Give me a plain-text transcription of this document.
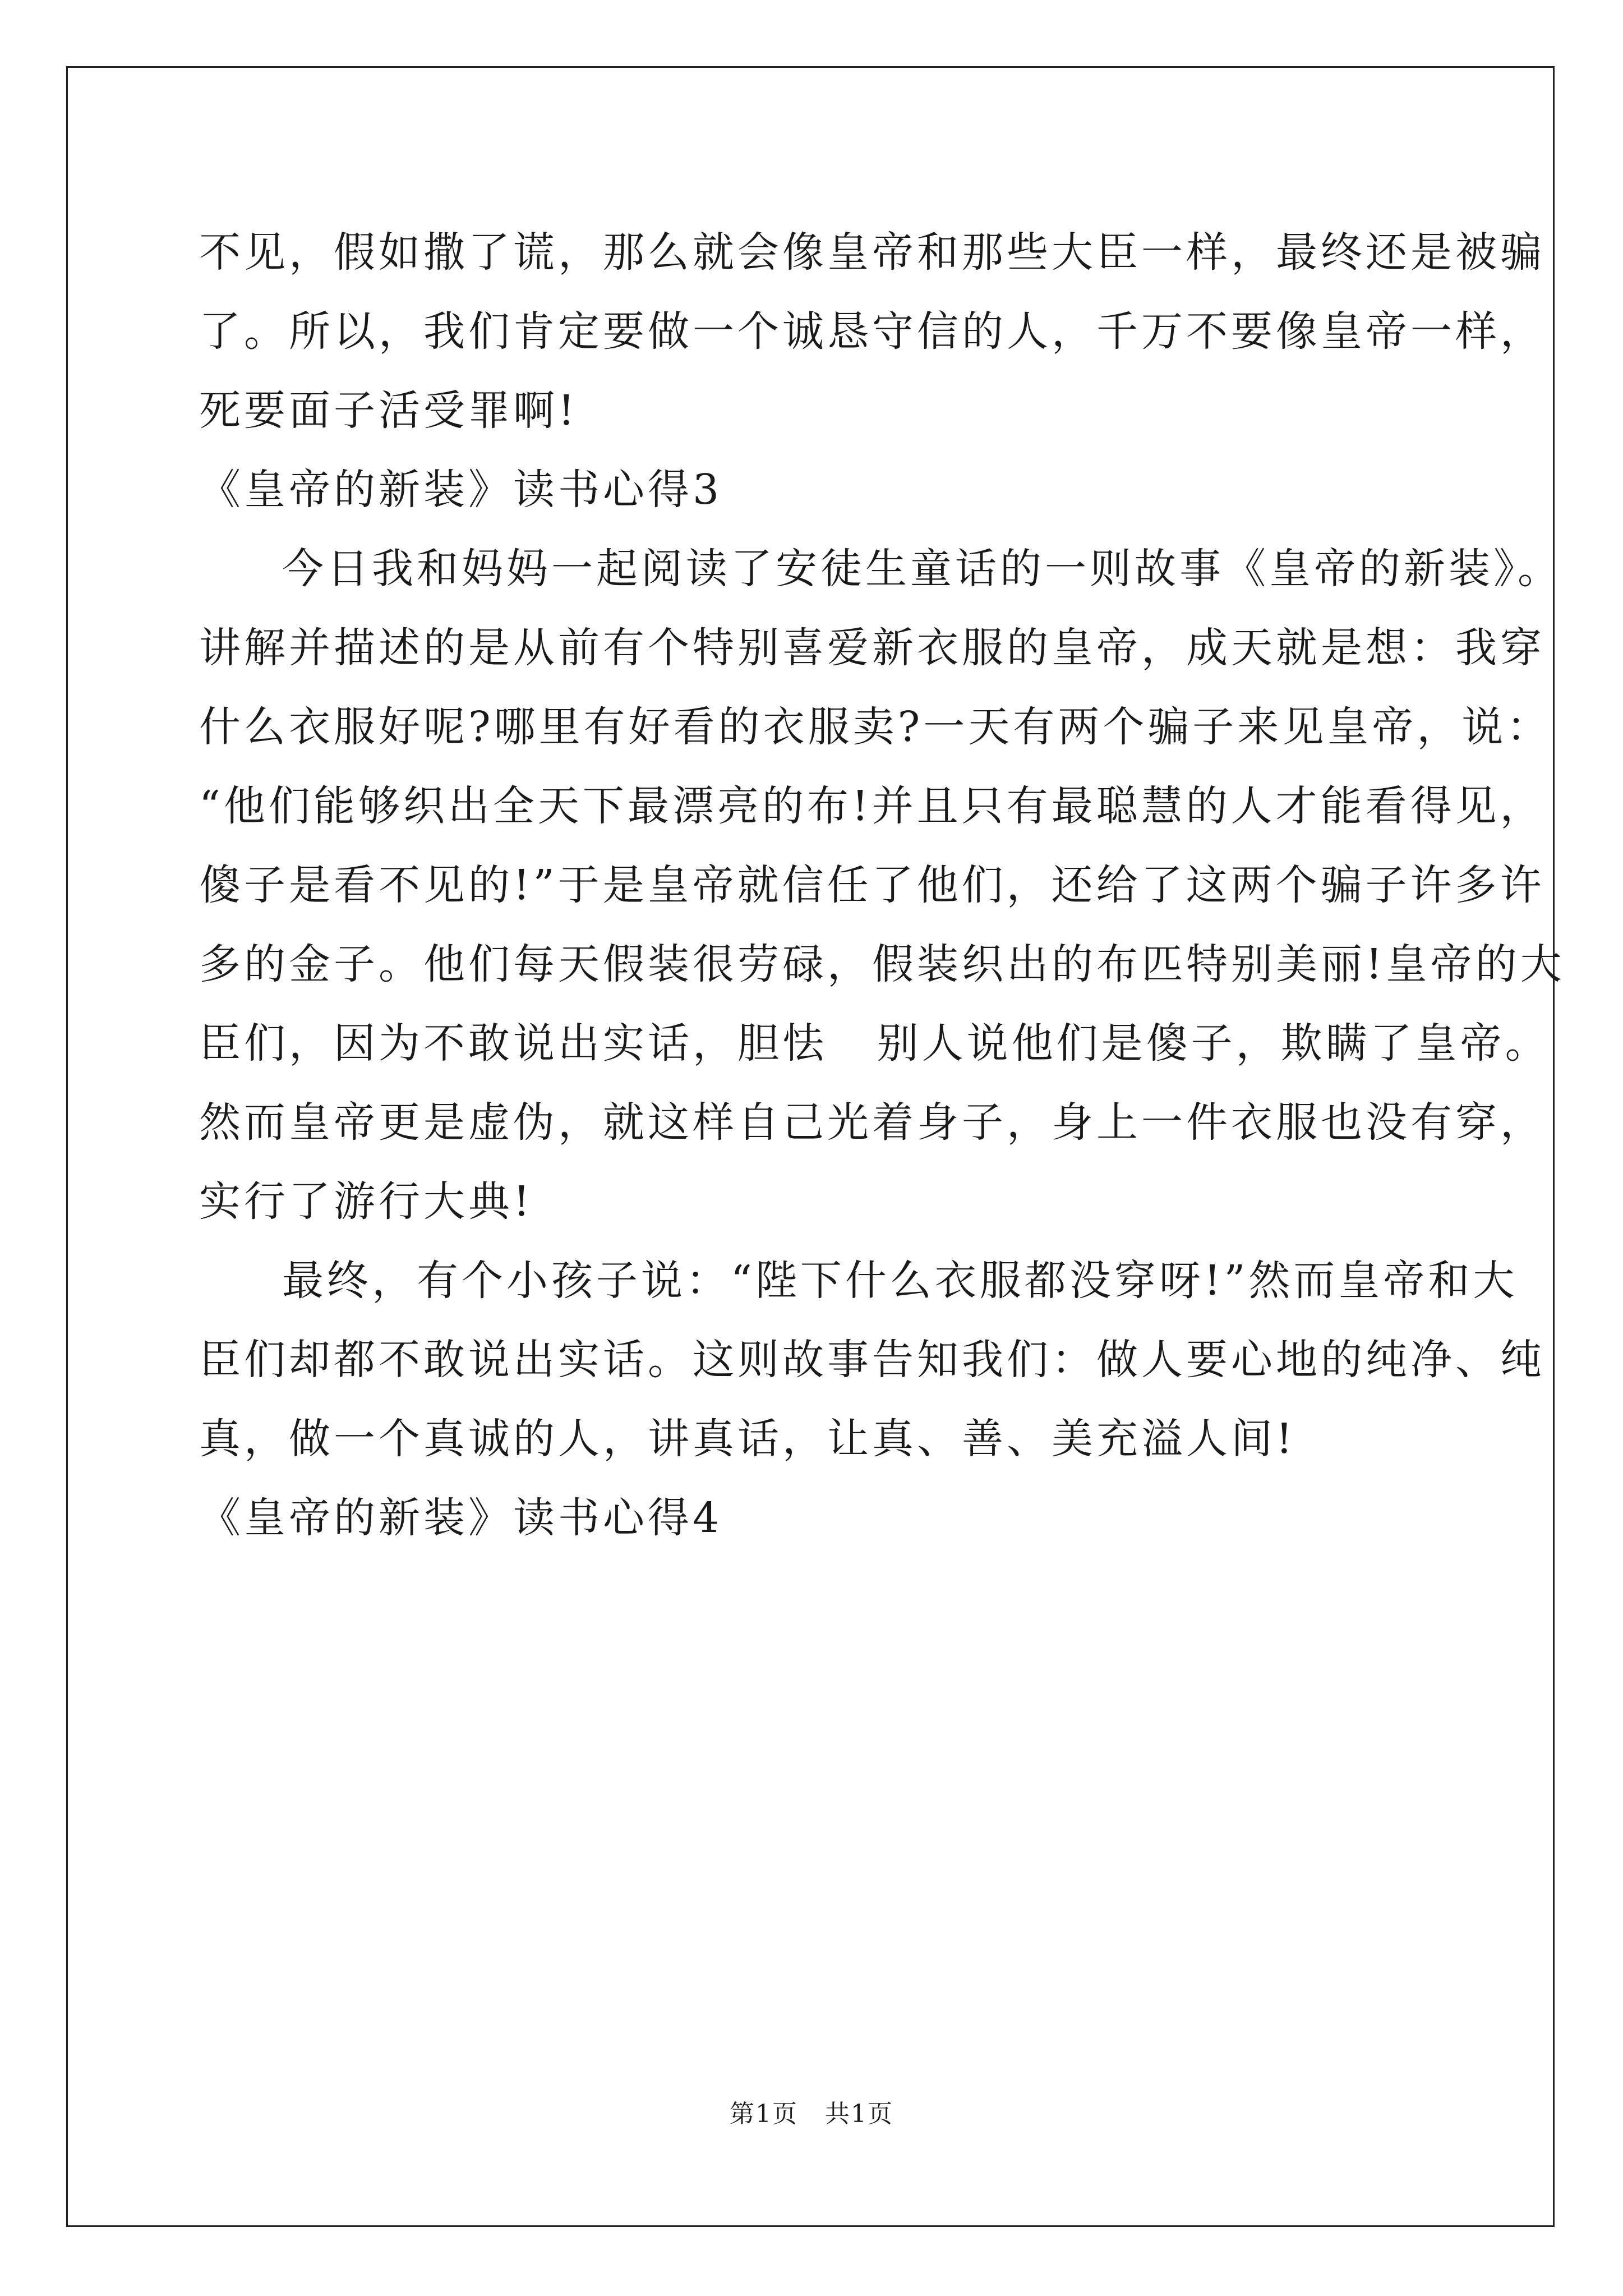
不见，假如撒了谎，那么就会像皇帝和那些大臣一样，最终还是被骗
了。所以，我们肯定要做一个诚恳守信的人，千万不要像皇帝一样，
死要面子活受罪啊!
《皇帝的新装》读书心得3
今日我和妈妈一起阅读了安徒生童话的一则故事《皇帝的新装》。
讲解并描述的是从前有个特别喜爱新衣服的皇帝，成天就是想：我穿
什么衣服好呢?哪里有好看的衣服卖?一天有两个骗子来见皇帝，说：
“他们能够织出全天下最漂亮的布!并且只有最聪慧的人才能看得见，
傻子是看不见的!”于是皇帝就信任了他们，还给了这两个骗子许多许
多的金子。他们每天假装很劳碌，假装织出的布匹特别美丽!皇帝的大
臣们，因为不敢说出实话，胆怯   别人说他们是傻子，欺瞒了皇帝。
然而皇帝更是虚伪，就这样自己光着身子，身上一件衣服也没有穿，
实行了游行大典!
最终，有个小孩子说：“陛下什么衣服都没穿呀!”然而皇帝和大
臣们却都不敢说出实话。这则故事告知我们：做人要心地的纯净、纯
真，做一个真诚的人，讲真话，让真、善、美充溢人间!
《皇帝的新装》读书心得4
第1页   共1页
